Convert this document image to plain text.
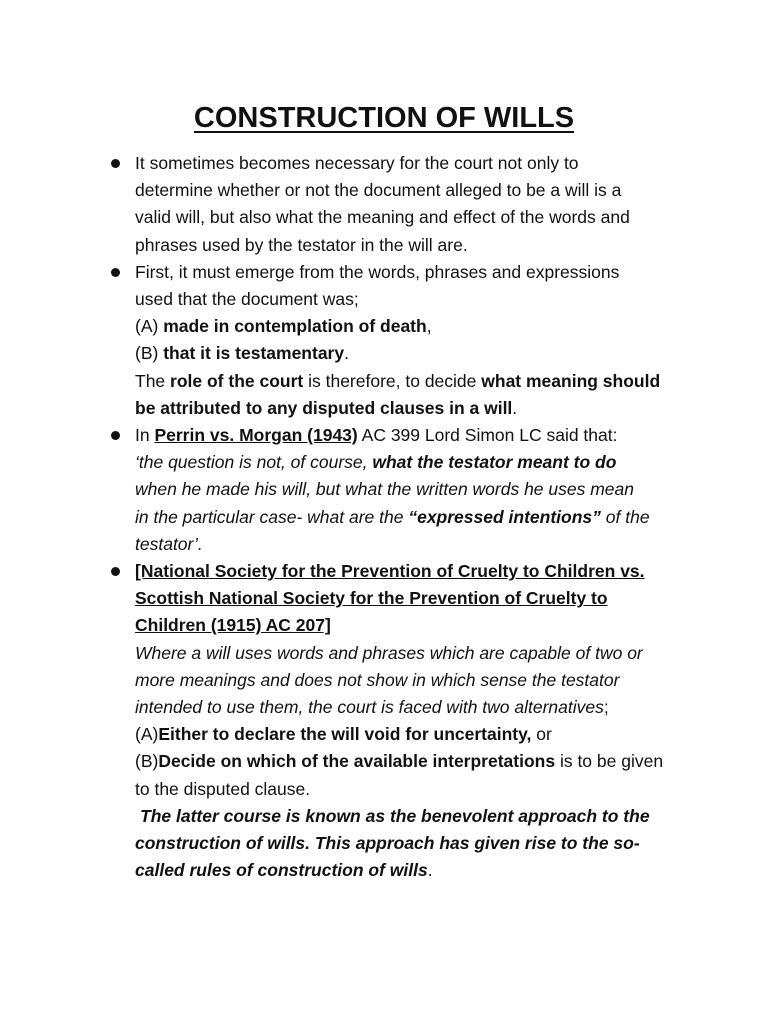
CONSTRUCTION OF WILLS
It sometimes becomes necessary for the court not only to
determine whether or not the document alleged to be a will is a
valid will, but also what the meaning and effect of the words and
phrases used by the testator in the will are.
First, it must emerge from the words, phrases and expressions
used that the document was;
(A) made in contemplation of death,
(B) that it is testamentary.
The role of the court is therefore, to decide what meaning should
be attributed to any disputed clauses in a will.
In Perrin vs. Morgan (1943) AC 399 Lord Simon LC said that:
‘the question is not, of course, what the testator meant to do
when he made his will, but what the written words he uses mean
in the particular case- what are the “expressed intentions” of the
testator’.
[National Society for the Prevention of Cruelty to Children vs.
Scottish National Society for the Prevention of Cruelty to
Children (1915) AC 207]
Where a will uses words and phrases which are capable of two or
more meanings and does not show in which sense the testator
intended to use them, the court is faced with two alternatives;
(A)Either to declare the will void for uncertainty, or
(B)Decide on which of the available interpretations is to be given
to the disputed clause.
The latter course is known as the benevolent approach to the
construction of wills. This approach has given rise to the so-
called rules of construction of wills.
